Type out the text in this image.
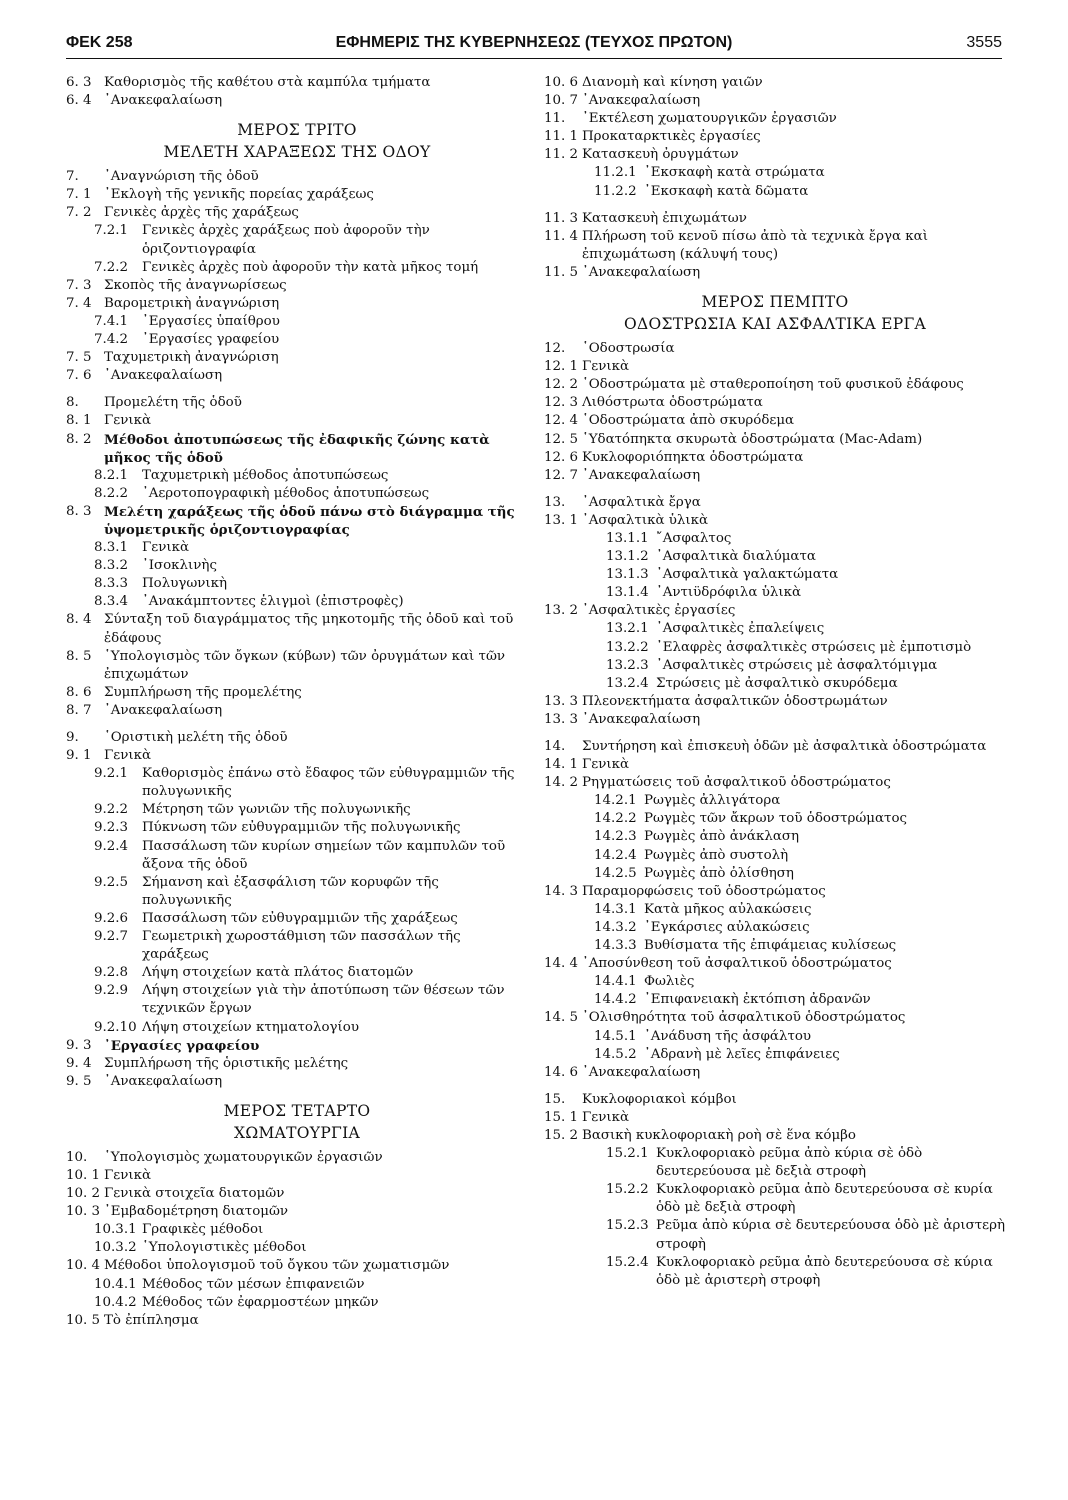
ΦΕΚ 258	ΕΦΗΜΕΡΙΣ ΤΗΣ ΚΥΒΕΡΝΗΣΕΩΣ (ΤΕΥΧΟΣ ΠΡΩΤΟΝ)	3555
6. 3 Καθορισμὸς τῆς καθέτου στὰ καμπύλα τμήματα
6. 4 ᾿Ανακεφαλαίωση
ΜΕΡΟΣ ΤΡΙΤΟ
ΜΕΛΕΤΗ ΧΑΡΑΞΕΩΣ ΤΗΣ ΟΔΟΥ
7.	᾿Αναγνώριση τῆς ὁδοῦ
7. 1 ᾿Εκλογὴ τῆς γενικῆς πορείας χαράξεως
7. 2 Γενικὲς ἀρχὲς τῆς χαράξεως
7.2.1	Γενικὲς ἀρχὲς χαράξεως ποὺ ἀφοροῦν τὴν ὁριζοντιογραφία
7.2.2	Γενικὲς ἀρχὲς ποὺ ἀφοροῦν τὴν κατὰ μῆκος τομή
7. 3 Σκοπὸς τῆς ἀναγνωρίσεως
7. 4 Βαρομετρικὴ ἀναγνώριση
7.4.1	᾿Εργασίες ὑπαίθρου
7.4.2	᾿Εργασίες γραφείου
7. 5 Ταχυμετρικὴ ἀναγνώριση
7. 6 ᾿Ανακεφαλαίωση
8.	Προμελέτη τῆς ὁδοῦ
8. 1 Γενικὰ
8. 2 Μέθοδοι ἀποτυπώσεως τῆς ἐδαφικῆς ζώνης κατὰ μῆκος τῆς ὁδοῦ
8.2.1	Ταχυμετρικὴ μέθοδος ἀποτυπώσεως
8.2.2	᾿Αεροτοπογραφικὴ μέθοδος ἀποτυπώσεως
8. 3 Μελέτη χαράξεως τῆς ὁδοῦ πάνω στὸ διάγραμμα τῆς ὑψομετρικῆς ὁριζοντιογραφίας
8.3.1	Γενικὰ
8.3.2	᾿Ισοκλινὴς
8.3.3	Πολυγωνικὴ
8.3.4	᾿Ανακάμπτοντες ἑλιγμοὶ (ἐπιστροφὲς)
8. 4 Σύνταξη τοῦ διαγράμματος τῆς μηκοτομῆς τῆς ὁδοῦ καὶ τοῦ ἐδάφους
8. 5 ῾Υπολογισμὸς τῶν ὄγκων (κύβων) τῶν ὀρυγμάτων καὶ τῶν ἐπιχωμάτων
8. 6 Συμπλήρωση τῆς προμελέτης
8. 7 ᾿Ανακεφαλαίωση
9.	῾Οριστικὴ μελέτη τῆς ὁδοῦ
9. 1 Γενικὰ
9.2.1	Καθορισμὸς ἐπάνω στὸ ἔδαφος τῶν εὐθυγραμμιῶν τῆς πολυγωνικῆς
9.2.2	Μέτρηση τῶν γωνιῶν τῆς πολυγωνικῆς
9.2.3	Πύκνωση τῶν εὐθυγραμμιῶν τῆς πολυγωνικῆς
9.2.4	Πασσάλωση τῶν κυρίων σημείων τῶν καμπυλῶν τοῦ ἄξονα τῆς ὁδοῦ
9.2.5	Σήμανση καὶ ἐξασφάλιση τῶν κορυφῶν τῆς πολυγωνικῆς
9.2.6	Πασσάλωση τῶν εὐθυγραμμιῶν τῆς χαράξεως
9.2.7	Γεωμετρικὴ χωροστάθμιση τῶν πασσάλων τῆς χαράξεως
9.2.8	Λήψη στοιχείων κατὰ πλάτος διατομῶν
9.2.9	Λήψη στοιχείων γιὰ τὴν ἀποτύπωση τῶν θέσεων τῶν τεχνικῶν ἔργων
9.2.10 Λήψη στοιχείων κτηματολογίου
9. 3 ᾿Εργασίες γραφείου
9. 4 Συμπλήρωση τῆς ὁριστικῆς μελέτης
9. 5 ᾿Ανακεφαλαίωση
ΜΕΡΟΣ ΤΕΤΑΡΤΟ
ΧΩΜΑΤΟΥΡΓΙΑ
10.	῾Υπολογισμὸς χωματουργικῶν ἐργασιῶν
10. 1 Γενικὰ
10. 2 Γενικὰ στοιχεῖα διατομῶν
10. 3 ᾿Εμβαδομέτρηση διατομῶν
10.3.1 Γραφικὲς μέθοδοι
10.3.2 ῾Υπολογιστικὲς μέθοδοι
10. 4 Μέθοδοι ὑπολογισμοῦ τοῦ ὄγκου τῶν χωματισμῶν
10.4.1 Μέθοδος τῶν μέσων ἐπιφανειῶν
10.4.2 Μέθοδος τῶν ἐφαρμοστέων μηκῶν
10. 5 Τὸ ἐπίπλησμα
10. 6 Διανομὴ καὶ κίνηση γαιῶν
10. 7 ᾿Ανακεφαλαίωση
11.	᾿Εκτέλεση χωματουργικῶν ἐργασιῶν
11. 1 Προκαταρκτικὲς ἐργασίες
11. 2 Κατασκευὴ ὀρυγμάτων
11.2.1 ᾿Εκσκαφὴ κατὰ στρώματα
11.2.2 ᾿Εκσκαφὴ κατὰ δῶματα
11. 3 Κατασκευὴ ἐπιχωμάτων
11. 4 Πλήρωση τοῦ κενοῦ πίσω ἀπὸ τὰ τεχνικὰ ἔργα καὶ ἐπιχωμάτωση (κάλυψή τους)
11. 5 ᾿Ανακεφαλαίωση
ΜΕΡΟΣ ΠΕΜΠΤΟ
ΟΔΟΣΤΡΩΣΙΑ ΚΑΙ ΑΣΦΑΛΤΙΚΑ ΕΡΓΑ
12.	῾Οδοστρωσία
12. 1 Γενικὰ
12. 2 ῾Οδοστρώματα μὲ σταθεροποίηση τοῦ φυσικοῦ ἐδάφους
12. 3 Λιθόστρωτα ὁδοστρώματα
12. 4 ῾Οδοστρώματα ἀπὸ σκυρόδεμα
12. 5 ῾Υδατόπηκτα σκυρωτὰ ὁδοστρώματα (Mac-Adam)
12. 6 Κυκλοφοριόπηκτα ὁδοστρώματα
12. 7 ᾿Ανακεφαλαίωση
13.	᾿Ασφαλτικὰ ἔργα
13. 1 ᾿Ασφαλτικὰ ὑλικὰ
13.1.1 ῎Ασφαλτος
13.1.2 ᾿Ασφαλτικὰ διαλύματα
13.1.3 ᾿Ασφαλτικὰ γαλακτώματα
13.1.4 ᾿Αντιϋδρόφιλα ὑλικὰ
13. 2 ᾿Ασφαλτικὲς ἐργασίες
13.2.1 ᾿Ασφαλτικὲς ἐπαλείψεις
13.2.2 ᾿Ελαφρὲς ἀσφαλτικὲς στρώσεις μὲ ἐμποτισμὸ
13.2.3 ᾿Ασφαλτικὲς στρώσεις μὲ ἀσφαλτόμιγμα
13.2.4 Στρώσεις μὲ ἀσφαλτικὸ σκυρόδεμα
13. 3 Πλεονεκτήματα ἀσφαλτικῶν ὁδοστρωμάτων
13. 3 ᾿Ανακεφαλαίωση
14.	Συντήρηση καὶ ἐπισκευὴ ὁδῶν μὲ ἀσφαλτικὰ ὁδοστρώματα
14. 1 Γενικὰ
14. 2 Ρηγματώσεις τοῦ ἀσφαλτικοῦ ὁδοστρώματος
14.2.1 Ρωγμὲς ἀλλιγάτορα
14.2.2 Ρωγμὲς τῶν ἄκρων τοῦ ὁδοστρώματος
14.2.3 Ρωγμὲς ἀπὸ ἀνάκλαση
14.2.4 Ρωγμὲς ἀπὸ συστολὴ
14.2.5 Ρωγμὲς ἀπὸ ὀλίσθηση
14. 3 Παραμορφώσεις τοῦ ὁδοστρώματος
14.3.1 Κατὰ μῆκος αὐλακώσεις
14.3.2 ᾿Εγκάρσιες αὐλακώσεις
14.3.3 Βυθίσματα τῆς ἐπιφάμειας κυλίσεως
14. 4 ᾿Αποσύνθεση τοῦ ἀσφαλτικοῦ ὁδοστρώματος
14.4.1 Φωλιὲς
14.4.2 ᾿Επιφανειακὴ ἐκτόπιση ἀδρανῶν
14. 5 ᾿Ολισθηρότητα τοῦ ἀσφαλτικοῦ ὁδοστρώματος
14.5.1 ᾿Ανάδυση τῆς ἀσφάλτου
14.5.2 ᾿Αδρανὴ μὲ λεῖες ἐπιφάνειες
14. 6 ᾿Ανακεφαλαίωση
15.	Κυκλοφοριακοὶ κόμβοι
15. 1 Γενικὰ
15. 2 Βασικὴ κυκλοφοριακὴ ροὴ σὲ ἕνα κόμβο
15.2.1 Κυκλοφοριακὸ ρεῦμα ἀπὸ κύρια σὲ ὁδὸ δευτερεύουσα μὲ δεξιὰ στροφὴ
15.2.2 Κυκλοφοριακὸ ρεῦμα ἀπὸ δευτερεύουσα σὲ κυρία ὁδὸ μὲ δεξιὰ στροφὴ
15.2.3 Ρεῦμα ἀπὸ κύρια σὲ δευτερεύουσα ὁδὸ μὲ ἀριστερὴ στροφὴ
15.2.4 Κυκλοφοριακὸ ρεῦμα ἀπὸ δευτερεύουσα σὲ κύρια ὁδὸ μὲ ἀριστερὴ στροφὴ
